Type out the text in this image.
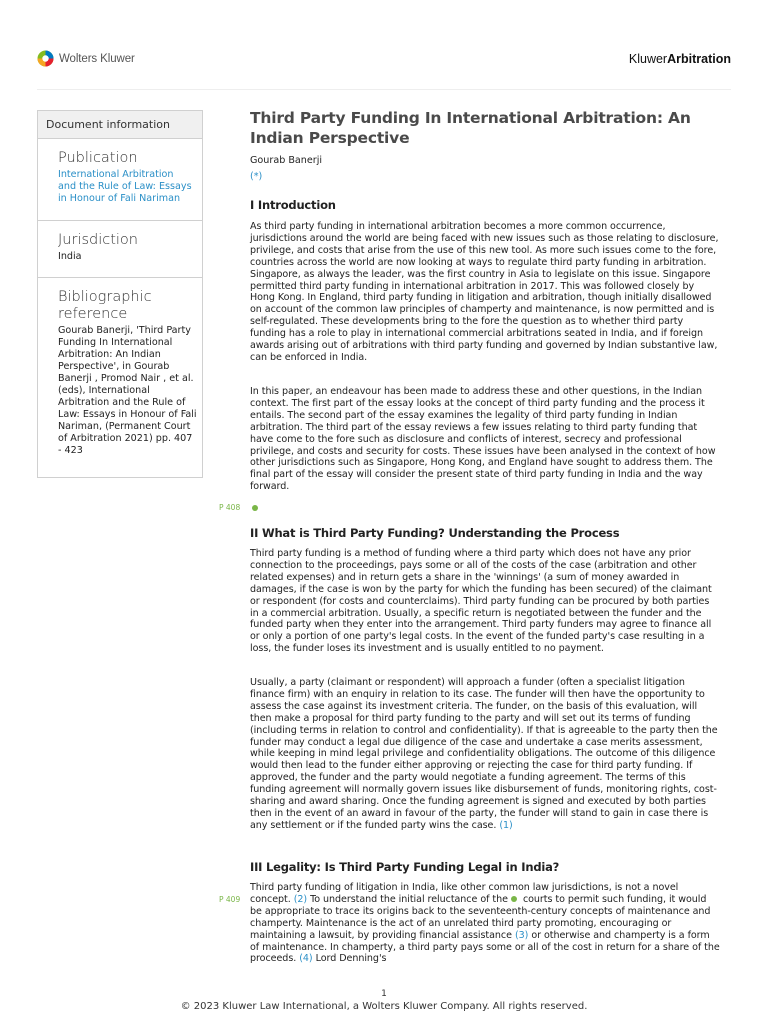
Wolters Kluwer	KluwerArbitration
Document information
Publication
International Arbitration and the Rule of Law: Essays in Honour of Fali Nariman
Jurisdiction
India
Bibliographic reference
Gourab Banerji, 'Third Party Funding In International Arbitration: An Indian Perspective', in Gourab Banerji , Promod Nair , et al. (eds), International Arbitration and the Rule of Law: Essays in Honour of Fali Nariman, (Permanent Court of Arbitration 2021) pp. 407 - 423
Third Party Funding In International Arbitration: An Indian Perspective
Gourab Banerji
(*)
I Introduction
As third party funding in international arbitration becomes a more common occurrence, jurisdictions around the world are being faced with new issues such as those relating to disclosure, privilege, and costs that arise from the use of this new tool. As more such issues come to the fore, countries across the world are now looking at ways to regulate third party funding in arbitration. Singapore, as always the leader, was the first country in Asia to legislate on this issue. Singapore permitted third party funding in international arbitration in 2017. This was followed closely by Hong Kong. In England, third party funding in litigation and arbitration, though initially disallowed on account of the common law principles of champerty and maintenance, is now permitted and is self-regulated. These developments bring to the fore the question as to whether third party funding has a role to play in international commercial arbitrations seated in India, and if foreign awards arising out of arbitrations with third party funding and governed by Indian substantive law, can be enforced in India.
In this paper, an endeavour has been made to address these and other questions, in the Indian context. The first part of the essay looks at the concept of third party funding and the process it entails. The second part of the essay examines the legality of third party funding in Indian arbitration. The third part of the essay reviews a few issues relating to third party funding that have come to the fore such as disclosure and conflicts of interest, secrecy and professional privilege, and costs and security for costs. These issues have been analysed in the context of how other jurisdictions such as Singapore, Hong Kong, and England have sought to address them. The final part of the essay will consider the present state of third party funding in India and the way forward.
P 408
II What is Third Party Funding? Understanding the Process
Third party funding is a method of funding where a third party which does not have any prior connection to the proceedings, pays some or all of the costs of the case (arbitration and other related expenses) and in return gets a share in the 'winnings' (a sum of money awarded in damages, if the case is won by the party for which the funding has been secured) of the claimant or respondent (for costs and counterclaims). Third party funding can be procured by both parties in a commercial arbitration. Usually, a specific return is negotiated between the funder and the funded party when they enter into the arrangement. Third party funders may agree to finance all or only a portion of one party's legal costs. In the event of the funded party's case resulting in a loss, the funder loses its investment and is usually entitled to no payment.
Usually, a party (claimant or respondent) will approach a funder (often a specialist litigation finance firm) with an enquiry in relation to its case. The funder will then have the opportunity to assess the case against its investment criteria. The funder, on the basis of this evaluation, will then make a proposal for third party funding to the party and will set out its terms of funding (including terms in relation to control and confidentiality). If that is agreeable to the party then the funder may conduct a legal due diligence of the case and undertake a case merits assessment, while keeping in mind legal privilege and confidentiality obligations. The outcome of this diligence would then lead to the funder either approving or rejecting the case for third party funding. If approved, the funder and the party would negotiate a funding agreement. The terms of this funding agreement will normally govern issues like disbursement of funds, monitoring rights, cost-sharing and award sharing. Once the funding agreement is signed and executed by both parties then in the event of an award in favour of the party, the funder will stand to gain in case there is any settlement or if the funded party wins the case. (1)
III Legality: Is Third Party Funding Legal in India?
P 409
Third party funding of litigation in India, like other common law jurisdictions, is not a novel concept. (2) To understand the initial reluctance of the courts to permit such funding, it would be appropriate to trace its origins back to the seventeenth-century concepts of maintenance and champerty. Maintenance is the act of an unrelated third party promoting, encouraging or maintaining a lawsuit, by providing financial assistance (3) or otherwise and champerty is a form of maintenance. In champerty, a third party pays some or all of the cost in return for a share of the proceeds. (4) Lord Denning's
1
© 2023 Kluwer Law International, a Wolters Kluwer Company. All rights reserved.
